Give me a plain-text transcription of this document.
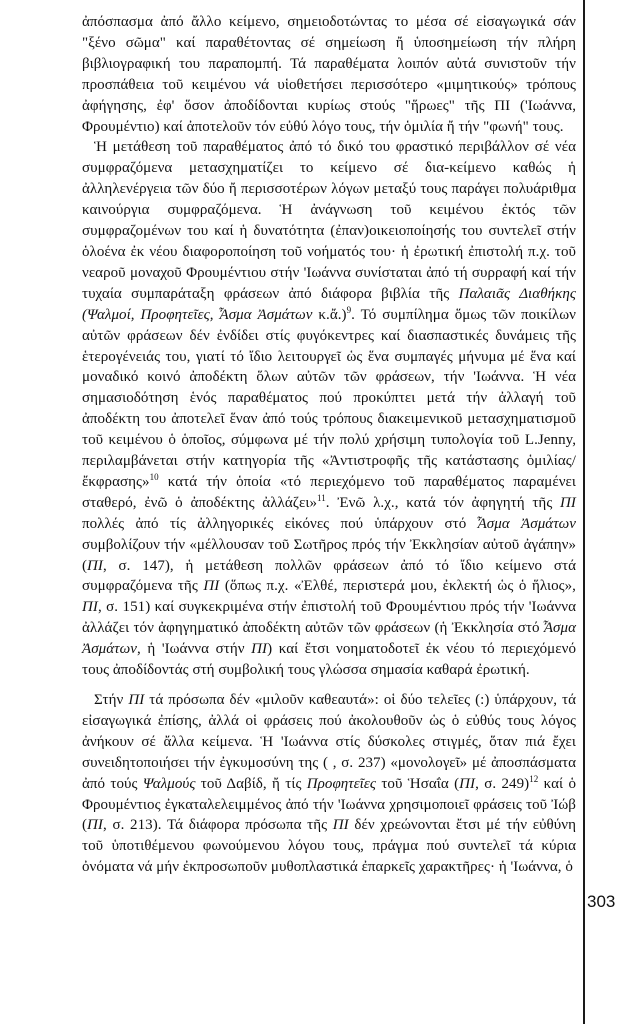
ἀπόσπασμα ἀπό ἄλλο κείμενο, σημειοδοτώντας το μέσα σέ εἰσαγωγικά σάν "ξένο σῶμα" καί παραθέτοντας σέ σημείωση ἤ ὑποσημείωση τήν πλήρη βιβλιογραφική του παραπομπή. Τά παραθέματα λοιπόν αὐτά συνιστοῦν τήν προσπάθεια τοῦ κειμένου νά υἱοθετήσει περισσότερο «μιμητικούς» τρόπους ἀφήγησης, ἐφ' ὅσον ἀποδίδονται κυρίως στούς "ἥρωες" τῆς ΠΙ ('Ιωάννα, Φρουμέντιο) καί ἀποτελοῦν τόν εὐθύ λόγο τους, τήν ὁμιλία ἤ τήν "φωνή" τους.

Ἡ μετάθεση τοῦ παραθέματος ἀπό τό δικό του φραστικό περιβάλλον σέ νέα συμφραζόμενα μετασχηματίζει το κείμενο σέ δια-κείμενο καθώς ἡ ἀλληλενέργεια τῶν δύο ἤ περισσοτέρων λόγων μεταξύ τους παράγει πολυάριθμα καινούργια συμφραζόμενα. Ἡ ἀνάγνωση τοῦ κειμένου ἐκτός τῶν συμφραζομένων του καί ἡ δυνατότητα (ἐπαν)οικειοποίησής του συντελεῖ στήν ὁλοένα ἐκ νέου διαφοροποίηση τοῦ νοήματός του· ἡ ἐρωτική ἐπιστολή π.χ. τοῦ νεαροῦ μοναχοῦ Φρουμέντιου στήν 'Ιωάννα συνίσταται ἀπό τή συρραφή καί τήν τυχαία συμπαράταξη φράσεων ἀπό διάφορα βιβλία τῆς Παλαιᾶς Διαθήκης (Ψαλμοί, Προφητεῖες, Ἆσμα Ἀσμάτων κ.ἄ.)$^9$. Τό συμπίλημα ὅμως τῶν ποικίλων αὐτῶν φράσεων δέν ἐνδίδει στίς φυγόκεντρες καί διασπαστικές δυνάμεις τῆς ἑτερογένειάς του, γιατί τό ἴδιο λειτουργεῖ ὡς ἕνα συμπαγές μήνυμα μέ ἕνα καί μοναδικό κοινό ἀποδέκτη ὅλων αὐτῶν τῶν φράσεων, τήν 'Ιωάννα. Ἡ νέα σημασιοδότηση ἑνός παραθέματος πού προκύπτει μετά τήν ἀλλαγή τοῦ ἀποδέκτη του ἀποτελεῖ ἕναν ἀπό τούς τρόπους διακειμενικοῦ μετασχηματισμοῦ τοῦ κειμένου ὁ ὁποῖος, σύμφωνα μέ τήν πολύ χρήσιμη τυπολογία τοῦ L.Jenny, περιλαμβάνεται στήν κατηγορία τῆς «Ἀντιστροφῆς τῆς κατάστασης ὁμιλίας/ἔκφρασης»$^{10}$ κατά τήν ὁποία «τό περιεχόμενο τοῦ παραθέματος παραμένει σταθερό, ἐνῶ ὁ ἀποδέκτης ἀλλάζει»$^{11}$. Ἐνῶ λ.χ., κατά τόν ἀφηγητή τῆς ΠΙ πολλές ἀπό τίς ἀλληγορικές εἰκόνες πού ὑπάρχουν στό Ἆσμα Ἀσμάτων συμβολίζουν τήν «μέλλουσαν τοῦ Σωτῆρος πρός τήν Ἐκκλησίαν αὐτοῦ ἀγάπην» (ΠΙ, σ. 147), ἡ μετάθεση πολλῶν φράσεων ἀπό τό ἴδιο κείμενο στά συμφραζόμενα τῆς ΠΙ (ὅπως π.χ. «Ἐλθέ, περιστερά μου, ἐκλεκτή ὡς ὁ ἥλιος», ΠΙ, σ. 151) καί συγκεκριμένα στήν ἐπιστολή τοῦ Φρουμέντιου πρός τήν 'Ιωάννα ἀλλάζει τόν ἀφηγηματικό ἀποδέκτη αὐτῶν τῶν φράσεων (ἡ Ἐκκλησία στό Ἆσμα Ἀσμάτων, ἡ 'Ιωάννα στήν ΠΙ) καί ἔτσι νοηματοδοτεῖ ἐκ νέου τό περιεχόμενό τους ἀποδίδοντάς στή συμβολική τους γλώσσα σημασία καθαρά ἐρωτική.

Στήν ΠΙ τά πρόσωπα δέν «μιλοῦν καθεαυτά»: οἱ δύο τελεῖες (:) ὑπάρχουν, τά εἰσαγωγικά ἐπίσης, ἀλλά οἱ φράσεις πού ἀκολουθοῦν ὡς ὁ εὐθύς τους λόγος ἀνήκουν σέ ἄλλα κείμενα. Ἡ 'Ιωάννα στίς δύσκολες στιγμές, ὅταν πιά ἔχει συνειδητοποιήσει τήν ἐγκυμοσύνη της ( , σ. 237) «μονολογεῖ» μέ ἀποσπάσματα ἀπό τούς Ψαλμούς τοῦ Δαβίδ, ἤ τίς Προφητεῖες τοῦ Ἡσαΐα (ΠΙ, σ. 249)$^{12}$ καί ὁ Φρουμέντιος ἐγκαταλελειμμένος ἀπό τήν 'Ιωάννα χρησιμοποιεῖ φράσεις τοῦ Ἰώβ (ΠΙ, σ. 213). Τά διάφορα πρόσωπα τῆς ΠΙ δέν χρεώνονται ἔτσι μέ τήν εὐθύνη τοῦ ὑποτιθέμενου φωνούμενου λόγου τους, πράγμα πού συντελεῖ τά κύρια ὀνόματα νά μήν ἐκπροσωποῦν μυθοπλαστικά ἐπαρκεῖς χαρακτῆρες· ἡ 'Ιωάννα, ὁ

303
